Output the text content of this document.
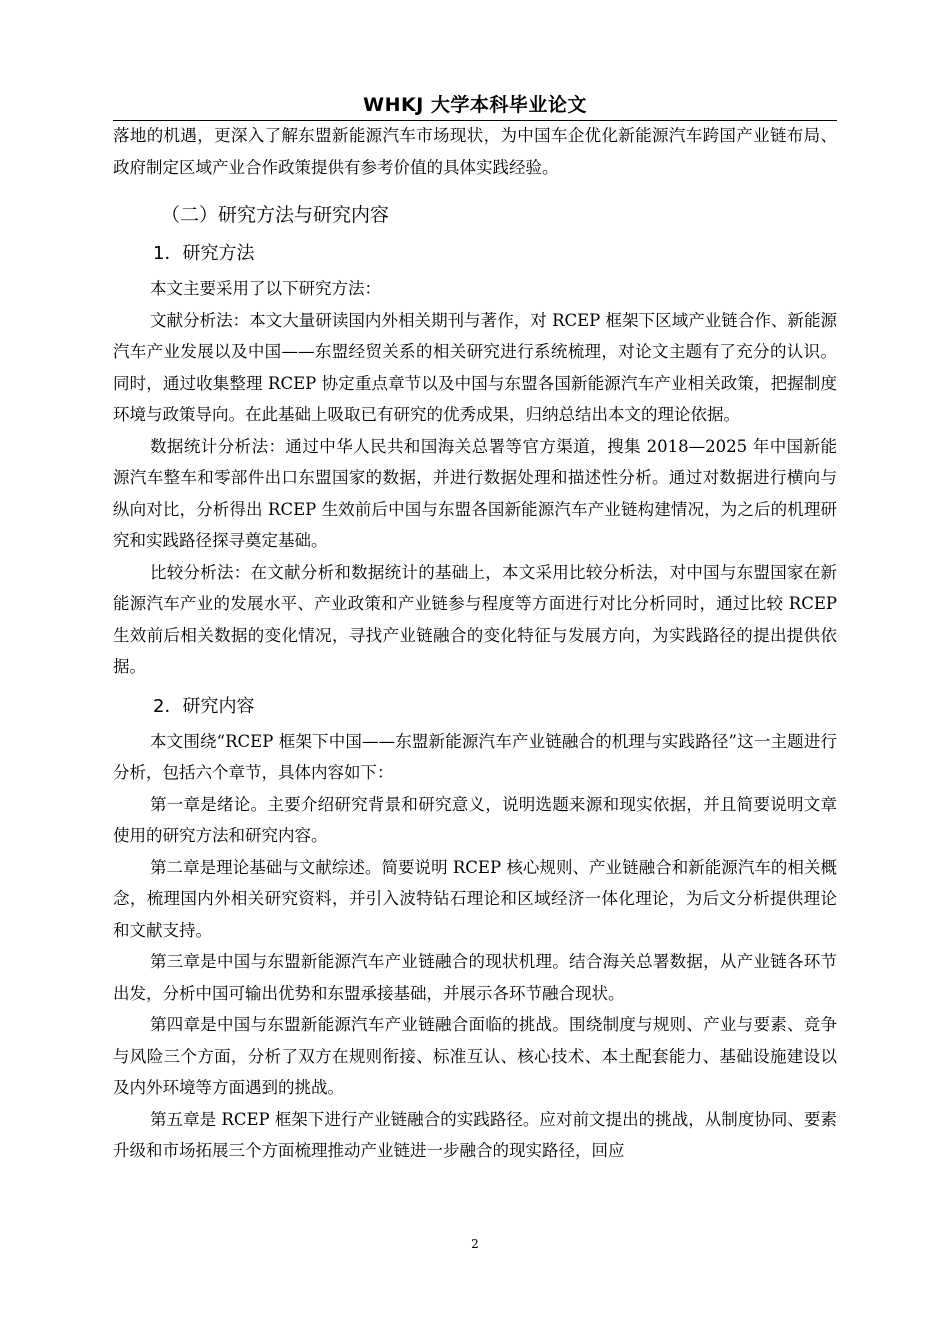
WHKJ 大学本科毕业论文

落地的机遇，更深入了解东盟新能源汽车市场现状，为中国车企优化新能源汽车跨国产业链布局、政府制定区域产业合作政策提供有参考价值的具体实践经验。

（二）研究方法与研究内容
1．研究方法

本文主要采用了以下研究方法：

文献分析法：本文大量研读国内外相关期刊与著作，对 RCEP 框架下区域产业链合作、新能源汽车产业发展以及中国——东盟经贸关系的相关研究进行系统梳理，对论文主题有了充分的认识。同时，通过收集整理 RCEP 协定重点章节以及中国与东盟各国新能源汽车产业相关政策，把握制度环境与政策导向。在此基础上吸取已有研究的优秀成果，归纳总结出本文的理论依据。

数据统计分析法：通过中华人民共和国海关总署等官方渠道，搜集 2018—2025 年中国新能源汽车整车和零部件出口东盟国家的数据，并进行数据处理和描述性分析。通过对数据进行横向与纵向对比，分析得出 RCEP 生效前后中国与东盟各国新能源汽车产业链构建情况，为之后的机理研究和实践路径探寻奠定基础。

比较分析法：在文献分析和数据统计的基础上，本文采用比较分析法，对中国与东盟国家在新能源汽车产业的发展水平、产业政策和产业链参与程度等方面进行对比分析同时，通过比较 RCEP 生效前后相关数据的变化情况，寻找产业链融合的变化特征与发展方向，为实践路径的提出提供依据。

2．研究内容

本文围绕“RCEP 框架下中国——东盟新能源汽车产业链融合的机理与实践路径”这一主题进行分析，包括六个章节，具体内容如下：

第一章是绪论。主要介绍研究背景和研究意义，说明选题来源和现实依据，并且简要说明文章使用的研究方法和研究内容。

第二章是理论基础与文献综述。简要说明 RCEP 核心规则、产业链融合和新能源汽车的相关概念，梳理国内外相关研究资料，并引入波特钻石理论和区域经济一体化理论，为后文分析提供理论和文献支持。

第三章是中国与东盟新能源汽车产业链融合的现状机理。结合海关总署数据，从产业链各环节出发，分析中国可输出优势和东盟承接基础，并展示各环节融合现状。

第四章是中国与东盟新能源汽车产业链融合面临的挑战。围绕制度与规则、产业与要素、竞争与风险三个方面，分析了双方在规则衔接、标准互认、核心技术、本土配套能力、基础设施建设以及内外环境等方面遇到的挑战。

第五章是 RCEP 框架下进行产业链融合的实践路径。应对前文提出的挑战，从制度协同、要素升级和市场拓展三个方面梳理推动产业链进一步融合的现实路径，回应

2
